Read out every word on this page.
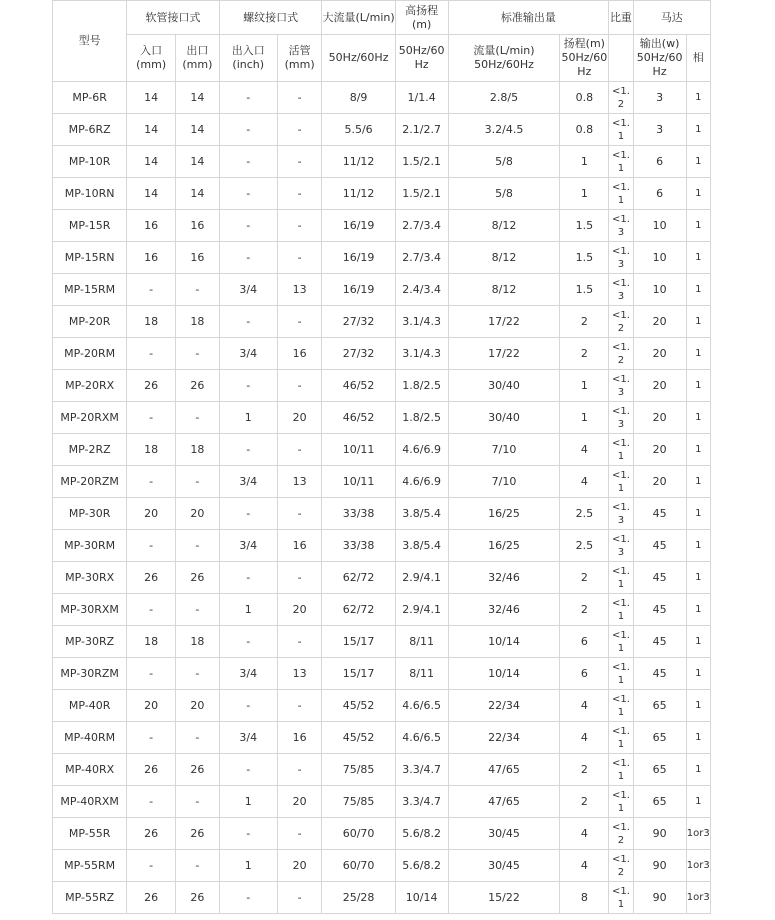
型号	软管接口式		螺纹接口式		大流量(L/min)	高扬程(m)	标准输出量		比重	马达	
	入口(mm)	出口(mm)	出入口(inch)	活管(mm)	50Hz/60Hz	50Hz/60 Hz	流量(L/min) 50Hz/60Hz	扬程(m) 50Hz/60 Hz		输出(w) 50Hz/60 Hz	相
MP-6R	14	14	-	-	8/9	1/1.4	2.8/5	0.8	<1.2	3	1
MP-6RZ	14	14	-	-	5.5/6	2.1/2.7	3.2/4.5	0.8	<1.1	3	1
MP-10R	14	14	-	-	11/12	1.5/2.1	5/8	1	<1.1	6	1
MP-10RN	14	14	-	-	11/12	1.5/2.1	5/8	1	<1.1	6	1
MP-15R	16	16	-	-	16/19	2.7/3.4	8/12	1.5	<1.3	10	1
MP-15RN	16	16	-	-	16/19	2.7/3.4	8/12	1.5	<1.3	10	1
MP-15RM	-	-	3/4	13	16/19	2.4/3.4	8/12	1.5	<1.3	10	1
MP-20R	18	18	-	-	27/32	3.1/4.3	17/22	2	<1.2	20	1
MP-20RM	-	-	3/4	16	27/32	3.1/4.3	17/22	2	<1.2	20	1
MP-20RX	26	26	-	-	46/52	1.8/2.5	30/40	1	<1.3	20	1
MP-20RXM	-	-	1	20	46/52	1.8/2.5	30/40	1	<1.3	20	1
MP-2RZ	18	18	-	-	10/11	4.6/6.9	7/10	4	<1.1	20	1
MP-20RZM	-	-	3/4	13	10/11	4.6/6.9	7/10	4	<1.1	20	1
MP-30R	20	20	-	-	33/38	3.8/5.4	16/25	2.5	<1.3	45	1
MP-30RM	-	-	3/4	16	33/38	3.8/5.4	16/25	2.5	<1.3	45	1
MP-30RX	26	26	-	-	62/72	2.9/4.1	32/46	2	<1.1	45	1
MP-30RXM	-	-	1	20	62/72	2.9/4.1	32/46	2	<1.1	45	1
MP-30RZ	18	18	-	-	15/17	8/11	10/14	6	<1.1	45	1
MP-30RZM	-	-	3/4	13	15/17	8/11	10/14	6	<1.1	45	1
MP-40R	20	20	-	-	45/52	4.6/6.5	22/34	4	<1.1	65	1
MP-40RM	-	-	3/4	16	45/52	4.6/6.5	22/34	4	<1.1	65	1
MP-40RX	26	26	-	-	75/85	3.3/4.7	47/65	2	<1.1	65	1
MP-40RXM	-	-	1	20	75/85	3.3/4.7	47/65	2	<1.1	65	1
MP-55R	26	26	-	-	60/70	5.6/8.2	30/45	4	<1.2	90	1or3
MP-55RM	-	-	1	20	60/70	5.6/8.2	30/45	4	<1.2	90	1or3
MP-55RZ	26	26	-	-	25/28	10/14	15/22	8	<1.1	90	1or3
